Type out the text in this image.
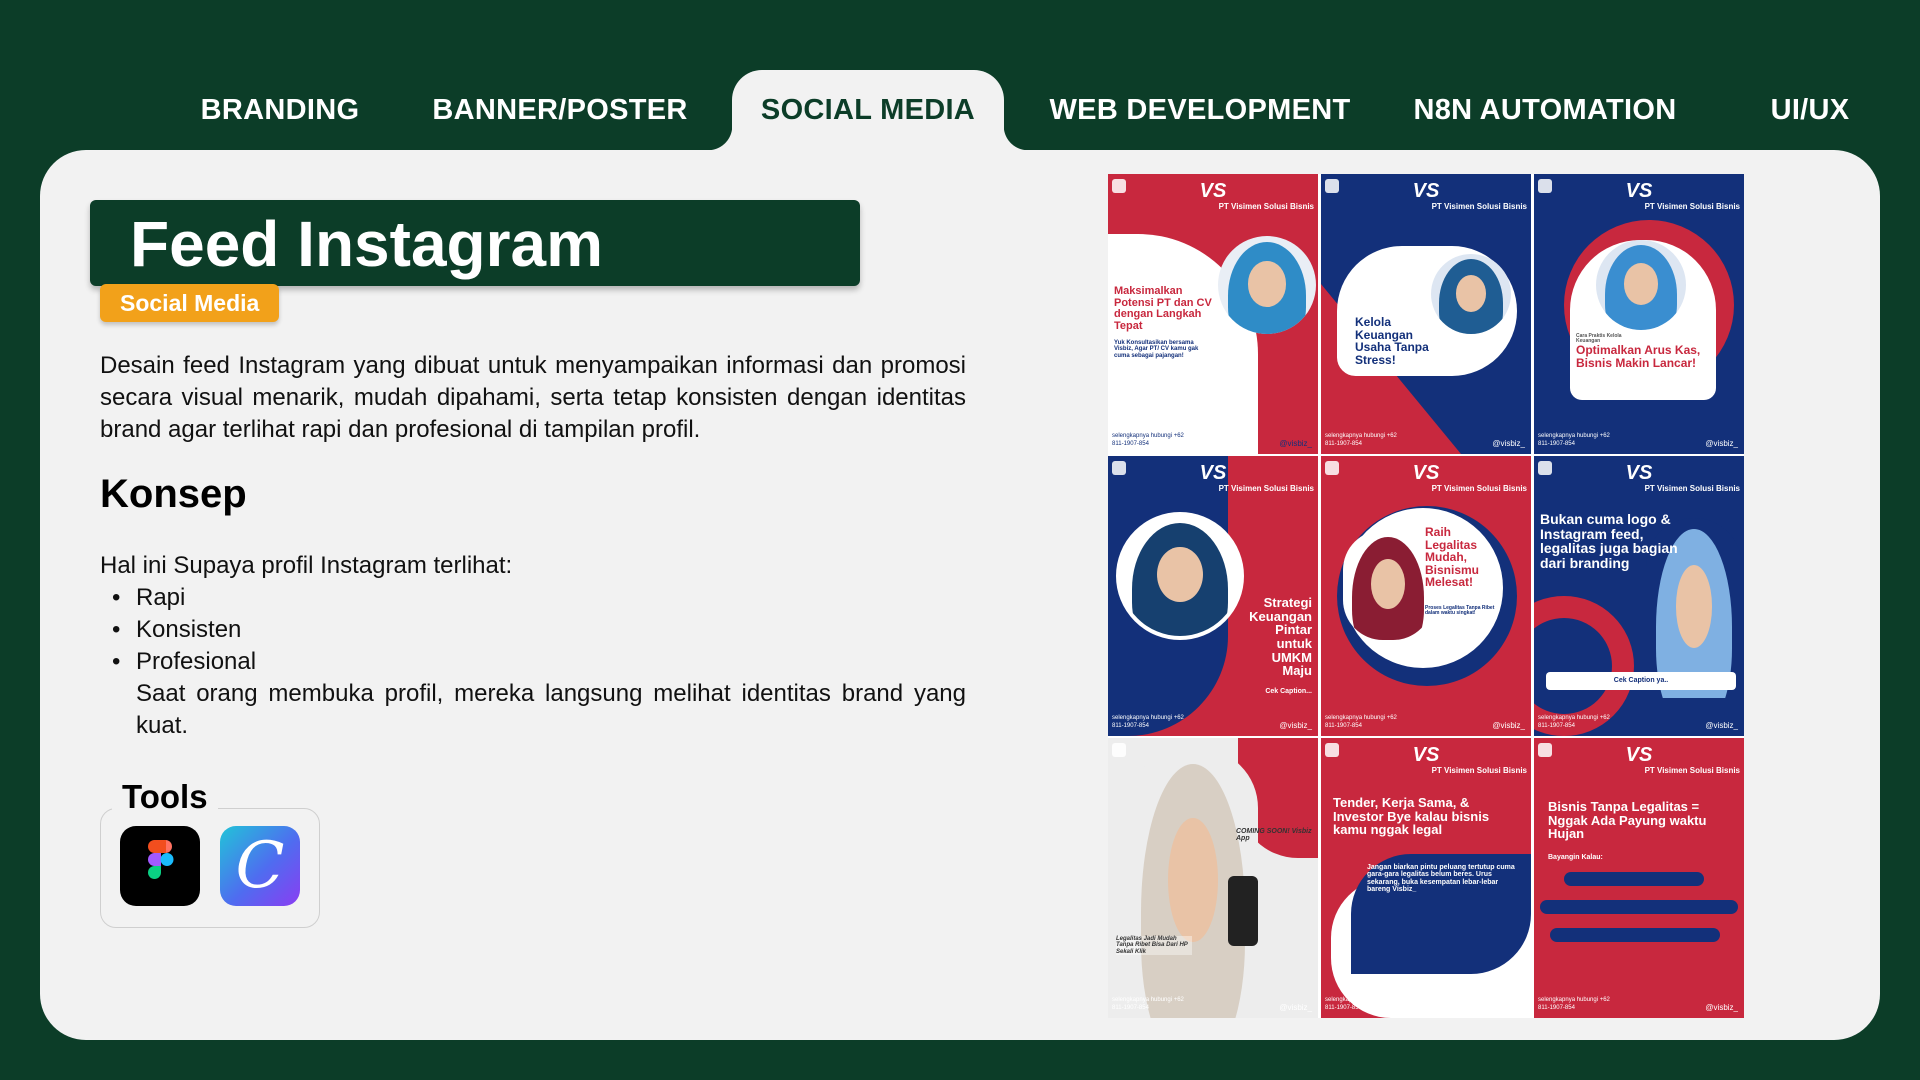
BRANDING	BANNER/POSTER	SOCIAL MEDIA	WEB DEVELOPMENT	N8N AUTOMATION	UI/UX
Feed Instagram
Social Media
Desain feed Instagram yang dibuat untuk menyampaikan informasi dan promosi secara visual menarik, mudah dipahami, serta tetap konsisten dengan identitas brand agar terlihat rapi dan profesional di tampilan profil.
Konsep
Hal ini Supaya profil Instagram terlihat:
• Rapi
• Konsisten
• Profesional
Saat orang membuka profil, mereka langsung melihat identitas brand yang kuat.
Tools
C
VS
PT Visimen Solusi Bisnis
Maksimalkan Potensi PT dan CV dengan Langkah Tepat
Yuk Konsultasikan bersama Visbiz, Agar PT/ CV kamu gak cuma sebagai pajangan!
selengkapnya hubungi +62 811-1907-854	@visbiz_
VS
PT Visimen Solusi Bisnis
Kelola Keuangan Usaha Tanpa Stress!
selengkapnya hubungi +62 811-1907-854	@visbiz_
VS
PT Visimen Solusi Bisnis
Cara Praktis Kelola Keuangan
Optimalkan Arus Kas, Bisnis Makin Lancar!
selengkapnya hubungi +62 811-1907-854	@visbiz_
VS
PT Visimen Solusi Bisnis
Strategi Keuangan Pintar untuk UMKM Maju
Cek Caption...
selengkapnya hubungi +62 811-1907-854	@visbiz_
VS
PT Visimen Solusi Bisnis
Raih Legalitas Mudah, Bisnismu Melesat!
Proses Legalitas Tanpa Ribet dalam waktu singkat!
selengkapnya hubungi +62 811-1907-854	@visbiz_
VS
PT Visimen Solusi Bisnis
Bukan cuma logo & Instagram feed, legalitas juga bagian dari branding
Cek Caption ya..
selengkapnya hubungi +62 811-1907-854	@visbiz_
COMING SOON! Visbiz App
Legalitas Jadi Mudah Tanpa Ribet Bisa Dari HP Sekali Klik
selengkapnya hubungi +62 811-1907-854	@visbiz_
VS
PT Visimen Solusi Bisnis
Tender, Kerja Sama, & Investor Bye kalau bisnis kamu nggak legal
Jangan biarkan pintu peluang tertutup cuma gara-gara legalitas belum beres. Urus sekarang, buka kesempatan lebar-lebar bareng Visbiz_
selengkapnya hubungi +62 811-1907-854	@visbiz_
VS
PT Visimen Solusi Bisnis
Bisnis Tanpa Legalitas = Nggak Ada Payung waktu Hujan
Bayangin Kalau:
selengkapnya hubungi +62 811-1907-854	@visbiz_
